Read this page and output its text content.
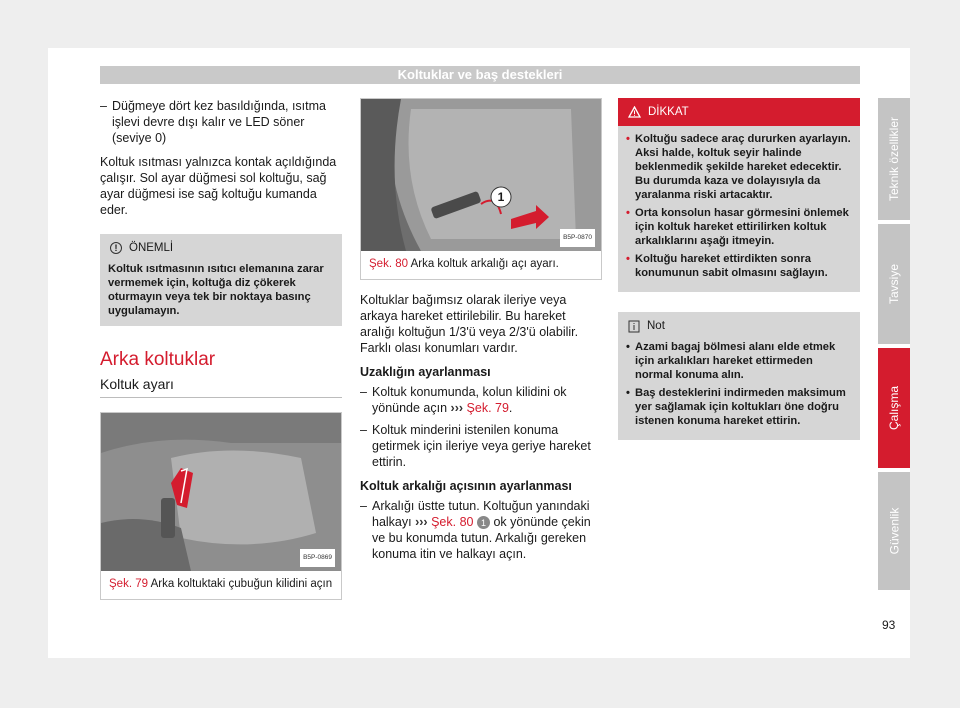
Koltuklar ve baş destekleri
– Düğmeye dört kez basıldığında, ısıtma işlevi devre dışı kalır ve LED söner (seviye 0)

Koltuk ısıtması yalnızca kontak açıldığında çalışır. Sol ayar düğmesi sol koltuğu, sağ ayar düğmesi ise sağ koltuğu kumanda eder.

!	ÖNEMLİ
Koltuk ısıtmasının ısıtıcı elemanına zarar vermemek için, koltuğa diz çökerek oturmayın veya tek bir noktaya basınç uygulamayın.
Arka koltuklar
Koltuk ayarı
B5P-0869
Şek. 79 Arka koltuktaki çubuğun kilidini açın
1
B5P-0870
Şek. 80 Arka koltuk arkalığı açı ayarı.

Koltuklar bağımsız olarak ileriye veya arkaya hareket ettirilebilir. Bu hareket aralığı koltuğun 1/3'ü veya 2/3'ü olabilir. Farklı olası konumları vardır.

Uzaklığın ayarlanması
– Koltuk konumunda, kolun kilidini ok yönünde açın ››› Şek. 79.
– Koltuk minderini istenilen konuma getirmek için ileriye veya geriye hareket ettirin.
Koltuk arkalığı açısının ayarlanması
– Arkalığı üstte tutun. Koltuğun yanındaki halkayı ››› Şek. 80 1 ok yönünde çekin ve bu konumda tutun. Arkalığı gereken konuma itin ve halkayı açın.
DİKKAT
• Koltuğu sadece araç dururken ayarlayın. Aksi halde, koltuk seyir halinde beklenmedik şekilde hareket edecektir. Bu durumda kaza ve dolayısıyla da yaralanma riski artacaktır.
• Orta konsolun hasar görmesini önlemek için koltuk hareket ettirilirken koltuk arkalıklarını aşağı itmeyin.
• Koltuğu hareket ettirdikten sonra konumunun sabit olmasını sağlayın.
Not
• Azami bagaj bölmesi alanı elde etmek için arkalıkları hareket ettirmeden normal konuma alın.
• Baş desteklerini indirmeden maksimum yer sağlamak için koltukları öne doğru istenen konuma hareket ettirin.
Teknik özellikler
Tavsiye
Çalışma
Güvenlik
93
